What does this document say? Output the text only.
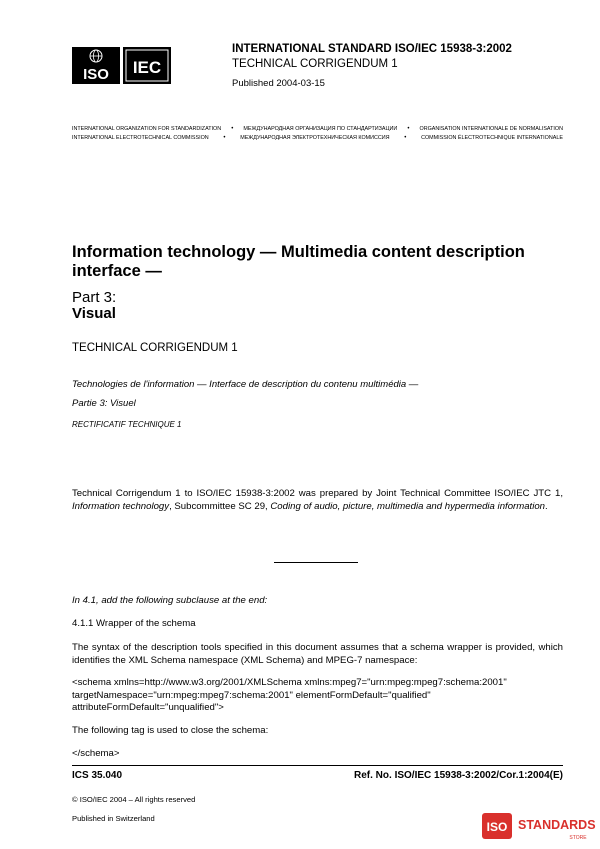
ISO IEC
INTERNATIONAL STANDARD ISO/IEC 15938-3:2002
TECHNICAL CORRIGENDUM 1
Published 2004-03-15
INTERNATIONAL ORGANIZATION FOR STANDARDIZATION • МЕЖДУНАРОДНАЯ ОРГАНИЗАЦИЯ ПО СТАНДАРТИЗАЦИИ • ORGANISATION INTERNATIONALE DE NORMALISATION
INTERNATIONAL ELECTROTECHNICAL COMMISSION •	МЕЖДУНАРОДНАЯ ЭЛЕКТРОТЕХНИЧЕСКАЯ КОМИССИЯ •	COMMISSION ÉLECTROTECHNIQUE INTERNATIONALE
Information technology — Multimedia content description
interface —
Part 3:
Visual
TECHNICAL CORRIGENDUM 1
Technologies de l'information — Interface de description du contenu multimédia —
Partie 3: Visuel
RECTIFICATIF TECHNIQUE 1
Technical Corrigendum 1 to ISO/IEC 15938-3:2002 was prepared by Joint Technical Committee ISO/IEC JTC 1, Information technology, Subcommittee SC 29, Coding of audio, picture, multimedia and hypermedia information.
In 4.1, add the following subclause at the end:
4.1.1 Wrapper of the schema
The syntax of the description tools specified in this document assumes that a schema wrapper is provided, which identifies the XML Schema namespace (XML Schema) and MPEG-7 namespace:
<schema xmlns=http://www.w3.org/2001/XMLSchema xmlns:mpeg7="urn:mpeg:mpeg7:schema:2001"
targetNamespace="urn:mpeg:mpeg7:schema:2001" elementFormDefault="qualified"
attributeFormDefault="unqualified">
The following tag is used to close the schema:
</schema>
ICS 35.040	Ref. No. ISO/IEC 15938-3:2002/Cor.1:2004(E)
© ISO/IEC 2004 – All rights reserved
Published in Switzerland
ISO STANDARDS
STORE
